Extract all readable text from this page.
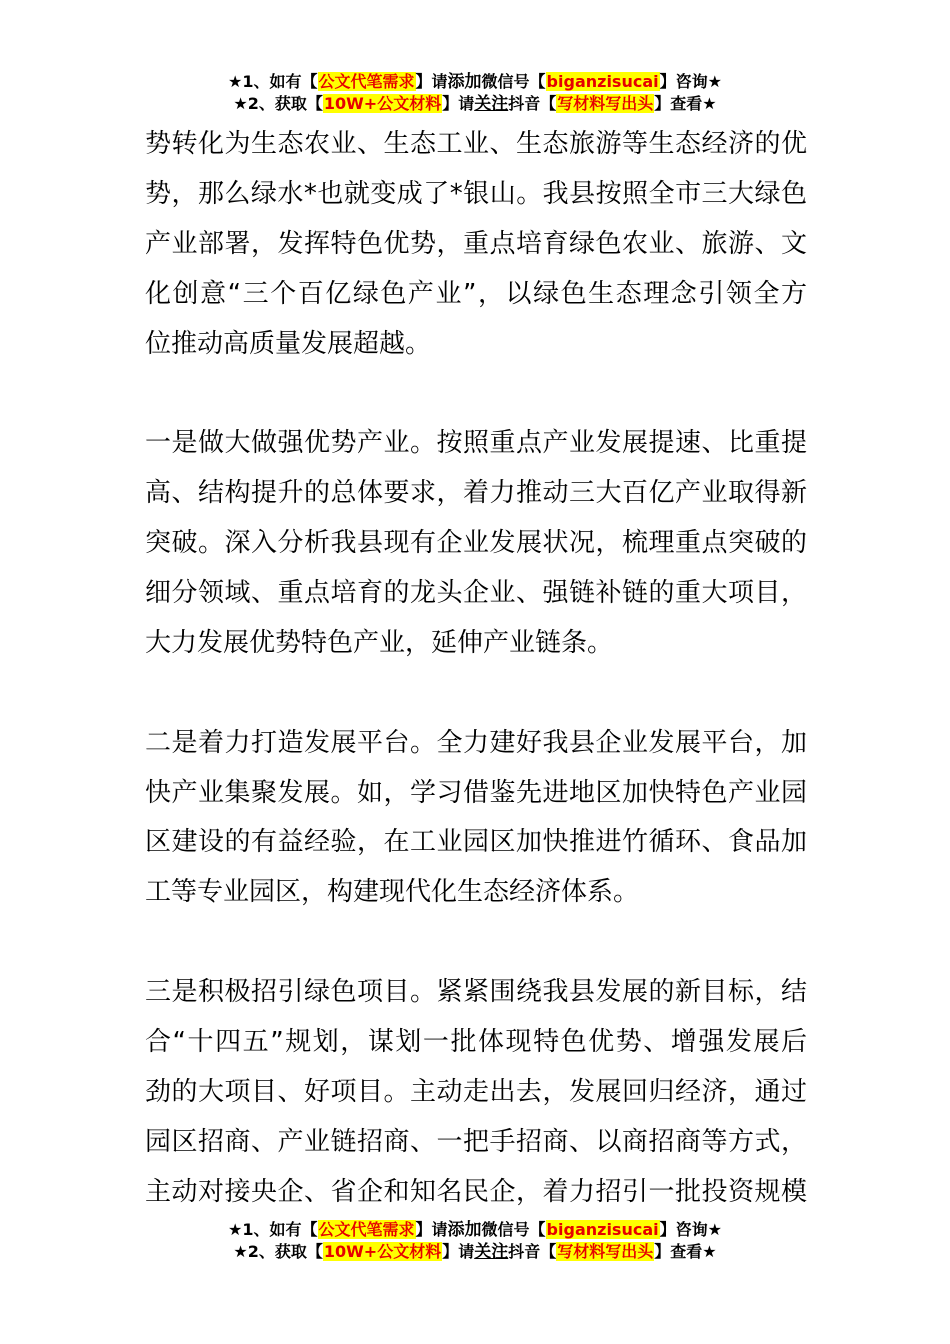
★1、如有【公文代笔需求】请添加微信号【biganzisucai】咨询★
★2、获取【10W+公文材料】请关注抖音【写材料写出头】查看★
势转化为生态农业、生态工业、生态旅游等生态经济的优
势，那么绿水*也就变成了*银山。我县按照全市三大绿色
产业部署，发挥特色优势，重点培育绿色农业、旅游、文
化创意“三个百亿绿色产业”，以绿色生态理念引领全方
位推动高质量发展超越。
一是做大做强优势产业。按照重点产业发展提速、比重提
高、结构提升的总体要求，着力推动三大百亿产业取得新
突破。深入分析我县现有企业发展状况，梳理重点突破的
细分领域、重点培育的龙头企业、强链补链的重大项目，
大力发展优势特色产业，延伸产业链条。
二是着力打造发展平台。全力建好我县企业发展平台，加
快产业集聚发展。如，学习借鉴先进地区加快特色产业园
区建设的有益经验，在工业园区加快推进竹循环、食品加
工等专业园区，构建现代化生态经济体系。
三是积极招引绿色项目。紧紧围绕我县发展的新目标，结
合“十四五”规划，谋划一批体现特色优势、增强发展后
劲的大项目、好项目。主动走出去，发展回归经济，通过
园区招商、产业链招商、一把手招商、以商招商等方式，
主动对接央企、省企和知名民企，着力招引一批投资规模
★1、如有【公文代笔需求】请添加微信号【biganzisucai】咨询★
★2、获取【10W+公文材料】请关注抖音【写材料写出头】查看★
